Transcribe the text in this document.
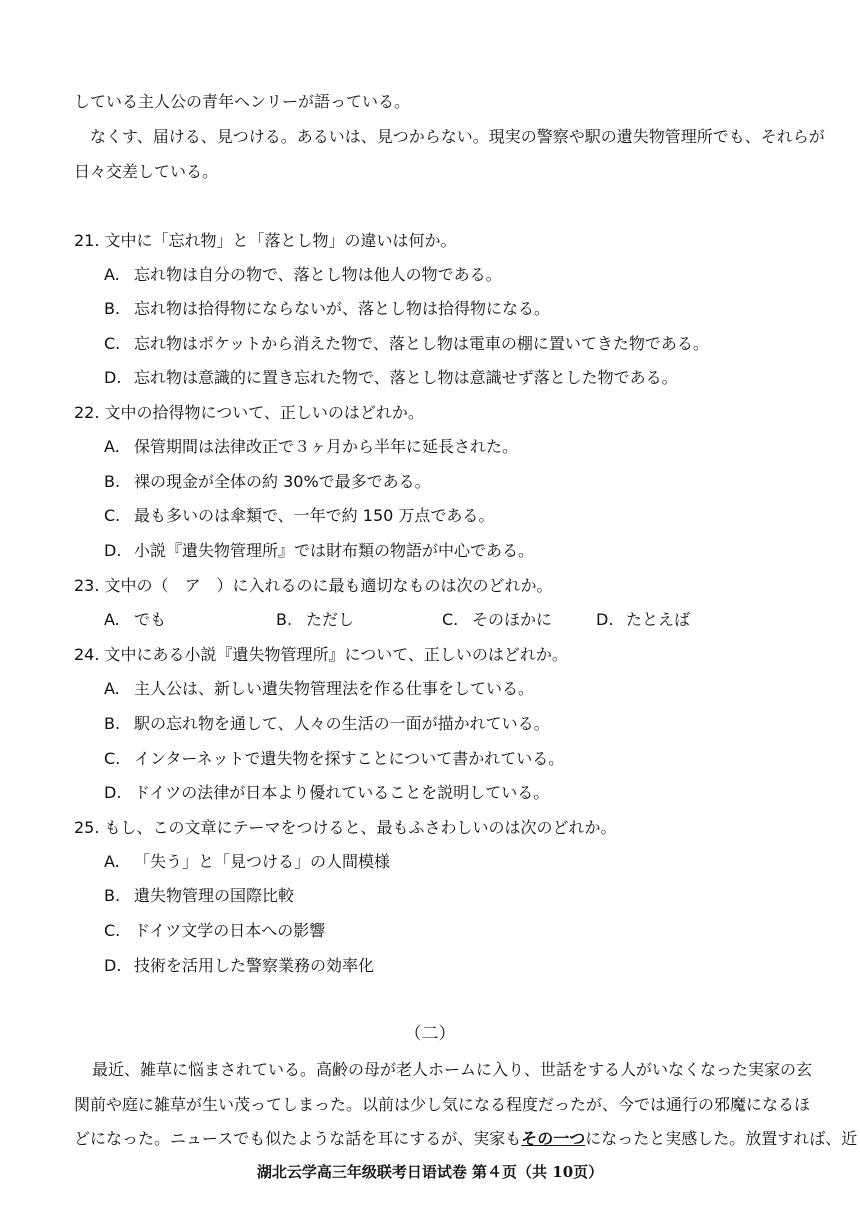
している主人公の青年ヘンリーが語っている。
なくす、届ける、見つける。あるいは、見つからない。現実の警察や駅の遺失物管理所でも、それらが
日々交差している。
21. 文中に「忘れ物」と「落とし物」の違いは何か。
A. 忘れ物は自分の物で、落とし物は他人の物である。
B. 忘れ物は拾得物にならないが、落とし物は拾得物になる。
C. 忘れ物はポケットから消えた物で、落とし物は電車の棚に置いてきた物である。
D. 忘れ物は意識的に置き忘れた物で、落とし物は意識せず落とした物である。
22. 文中の拾得物について、正しいのはどれか。
A. 保管期間は法律改正で３ヶ月から半年に延長された。
B. 裸の現金が全体の約 30%で最多である。
C. 最も多いのは傘類で、一年で約 150 万点である。
D. 小説『遺失物管理所』では財布類の物語が中心である。
23. 文中の（　ア　）に入れるのに最も適切なものは次のどれか。
A. でも	B. ただし	C. そのほかに	D. たとえば
24. 文中にある小説『遺失物管理所』について、正しいのはどれか。
A. 主人公は、新しい遺失物管理法を作る仕事をしている。
B. 駅の忘れ物を通して、人々の生活の一面が描かれている。
C. インターネットで遺失物を探すことについて書かれている。
D. ドイツの法律が日本より優れていることを説明している。
25. もし、この文章にテーマをつけると、最もふさわしいのは次のどれか。
A. 「失う」と「見つける」の人間模様
B. 遺失物管理の国際比較
C. ドイツ文学の日本への影響
D. 技術を活用した警察業務の効率化
（二）
最近、雑草に悩まされている。高齢の母が老人ホームに入り、世話をする人がいなくなった実家の玄
関前や庭に雑草が生い茂ってしまった。以前は少し気になる程度だったが、今では通行の邪魔になるほ
どになった。ニュースでも似たような話を耳にするが、実家もその一つになったと実感した。放置すれば、近
湖北云学高三年级联考日语试卷 第４页（共 10页）
